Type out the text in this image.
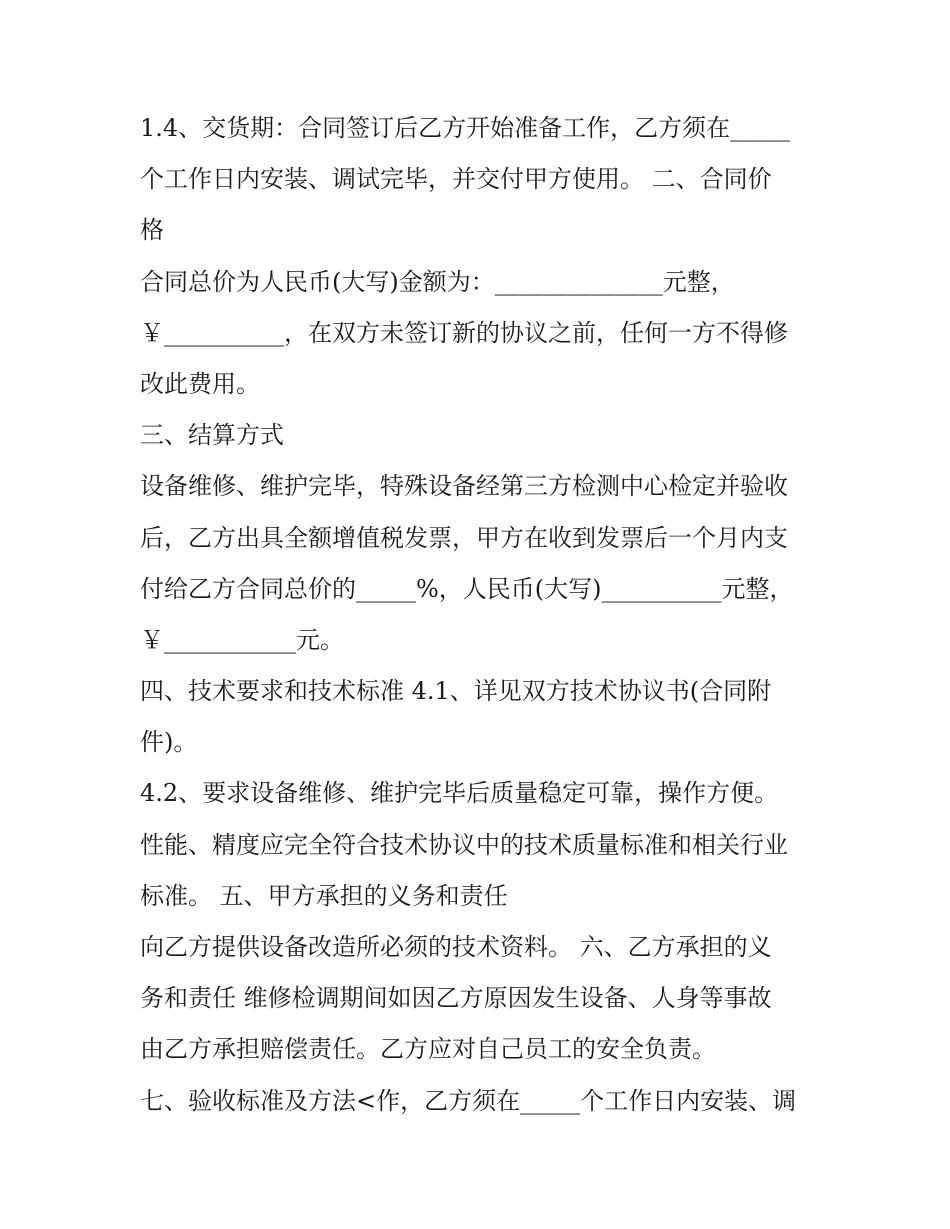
1.4、交货期：合同签订后乙方开始准备工作，乙方须在_____
个工作日内安装、调试完毕，并交付甲方使用。 二、合同价
格
合同总价为人民币(大写)金额为：______________元整，
￥__________，在双方未签订新的协议之前，任何一方不得修
改此费用。
三、结算方式
设备维修、维护完毕，特殊设备经第三方检测中心检定并验收
后，乙方出具全额增值税发票，甲方在收到发票后一个月内支
付给乙方合同总价的_____%，人民币(大写)__________元整，
￥___________元。
四、技术要求和技术标准 4.1、详见双方技术协议书(合同附
件)。
4.2、要求设备维修、维护完毕后质量稳定可靠，操作方便。
性能、精度应完全符合技术协议中的技术质量标准和相关行业
标准。 五、甲方承担的义务和责任
向乙方提供设备改造所必须的技术资料。 六、乙方承担的义
务和责任 维修检调期间如因乙方原因发生设备、人身等事故
由乙方承担赔偿责任。乙方应对自己员工的安全负责。
七、验收标准及方法<作，乙方须在_____个工作日内安装、调
